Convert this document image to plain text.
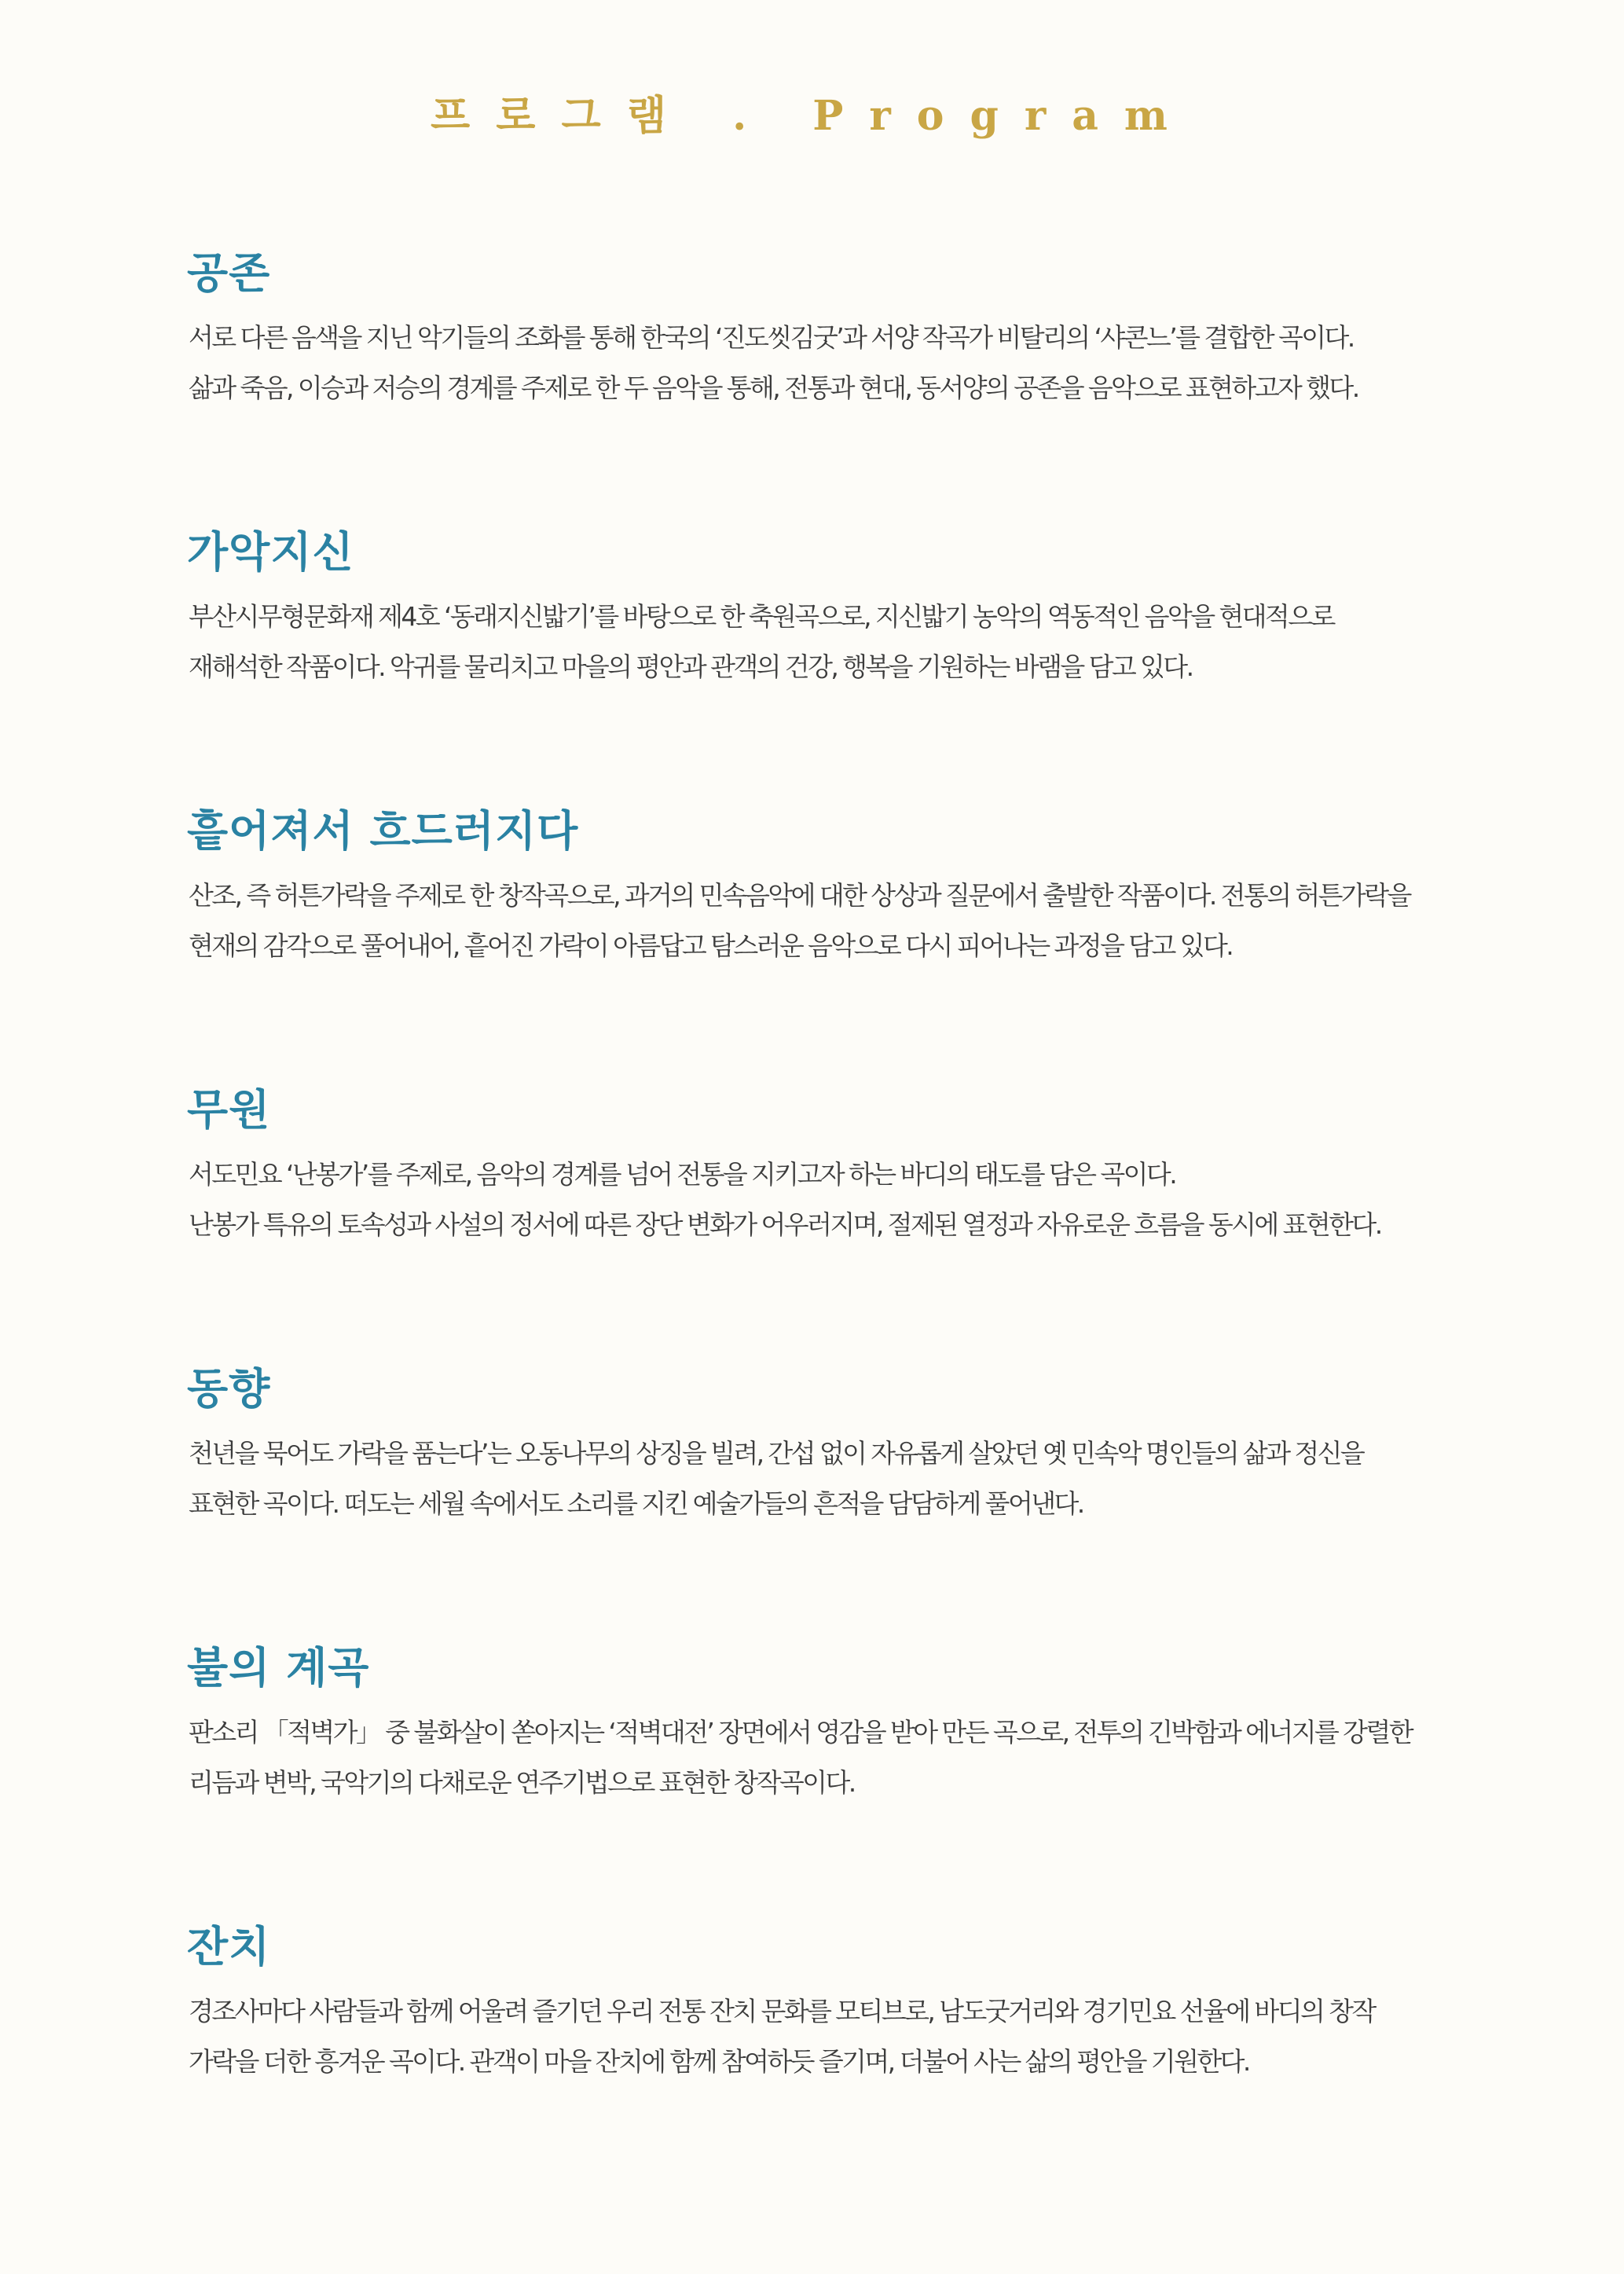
프로그램 . Program
공존

서로 다른 음색을 지닌 악기들의 조화를 통해 한국의 ‘진도씻김굿’과 서양 작곡가 비탈리의 ‘샤콘느’를 결합한 곡이다.
삶과 죽음, 이승과 저승의 경계를 주제로 한 두 음악을 통해, 전통과 현대, 동서양의 공존을 음악으로 표현하고자 했다.

가악지신

부산시무형문화재 제4호 ‘동래지신밟기’를 바탕으로 한 축원곡으로, 지신밟기 농악의 역동적인 음악을 현대적으로
재해석한 작품이다. 악귀를 물리치고 마을의 평안과 관객의 건강, 행복을 기원하는 바램을 담고 있다.

흩어져서 흐드러지다

산조, 즉 허튼가락을 주제로 한 창작곡으로, 과거의 민속음악에 대한 상상과 질문에서 출발한 작품이다. 전통의 허튼가락을
현재의 감각으로 풀어내어, 흩어진 가락이 아름답고 탐스러운 음악으로 다시 피어나는 과정을 담고 있다.

무원

서도민요 ‘난봉가’를 주제로, 음악의 경계를 넘어 전통을 지키고자 하는 바디의 태도를 담은 곡이다.
난봉가 특유의 토속성과 사설의 정서에 따른 장단 변화가 어우러지며, 절제된 열정과 자유로운 흐름을 동시에 표현한다.

동향

천년을 묵어도 가락을 품는다’는 오동나무의 상징을 빌려, 간섭 없이 자유롭게 살았던 옛 민속악 명인들의 삶과 정신을
표현한 곡이다. 떠도는 세월 속에서도 소리를 지킨 예술가들의 흔적을 담담하게 풀어낸다.

불의 계곡

판소리 「적벽가」 중 불화살이 쏟아지는 ‘적벽대전’ 장면에서 영감을 받아 만든 곡으로, 전투의 긴박함과 에너지를 강렬한
리듬과 변박, 국악기의 다채로운 연주기법으로 표현한 창작곡이다.

잔치

경조사마다 사람들과 함께 어울려 즐기던 우리 전통 잔치 문화를 모티브로, 남도굿거리와 경기민요 선율에 바디의 창작
가락을 더한 흥겨운 곡이다. 관객이 마을 잔치에 함께 참여하듯 즐기며, 더불어 사는 삶의 평안을 기원한다.
